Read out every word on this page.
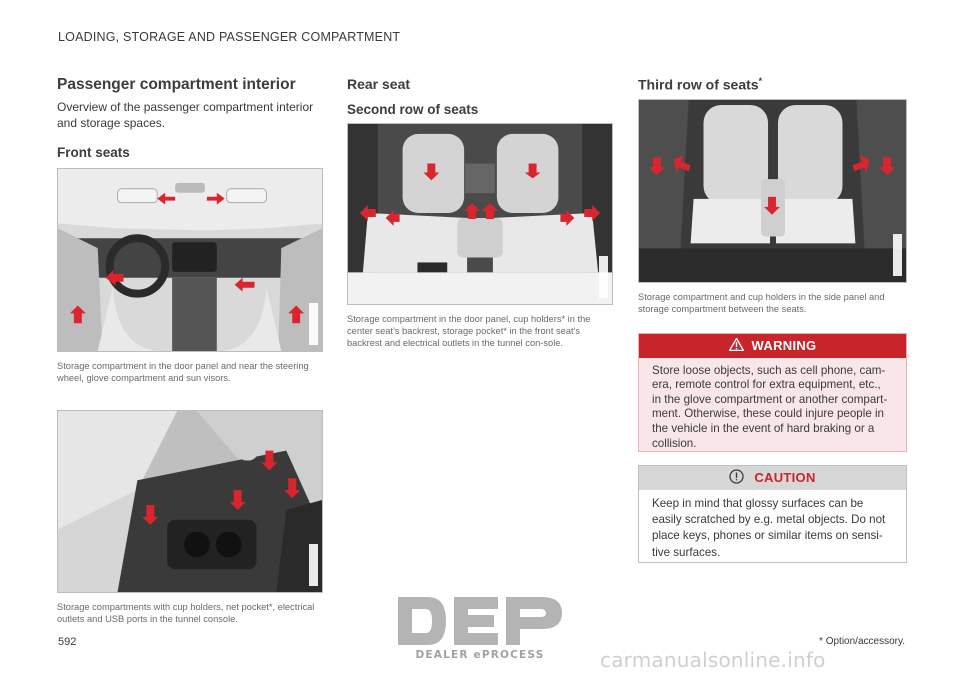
LOADING, STORAGE AND PASSENGER COMPARTMENT
Passenger compartment interior

Overview of the passenger compartment interior and storage spaces.

Front seats

Storage compartment in the door panel and near the steering wheel, glove compartment and sun visors.

Storage compartments with cup holders, net pocket*, electrical outlets and USB ports in the tunnel console.

Rear seat
Second row of seats

Storage compartment in the door panel, cup holders* in the center seat's backrest, storage pocket* in the front seat's backrest and electrical outlets in the tunnel con-sole.

Third row of seats*

Storage compartment and cup holders in the side panel and storage compartment between the seats.

WARNING
Store loose objects, such as cell phone, cam-era, remote control for extra equipment, etc., in the glove compartment or another compart-ment. Otherwise, these could injure people in the vehicle in the event of hard braking or a collision.
CAUTION
Keep in mind that glossy surfaces can be easily scratched by e.g. metal objects. Do not place keys, phones or similar items on sensi-tive surfaces.
592	* Option/accessory.
DEALER ePROCESS	carmanualsonline.info
